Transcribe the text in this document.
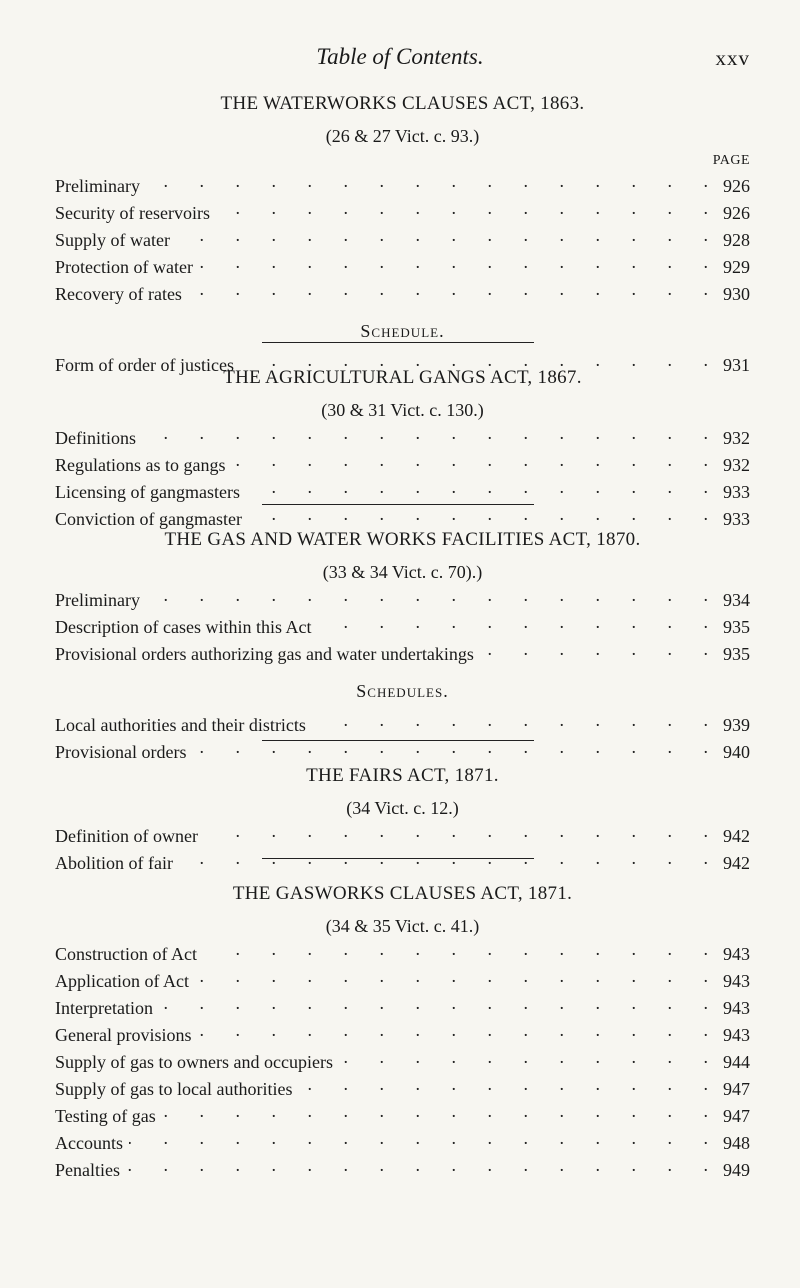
Table of Contents.	xxv
THE WATERWORKS CLAUSES ACT, 1863.
(26 & 27 Vict. c. 93.)
PAGE
Preliminary .	926
Security of reservoirs .	926
Supply of water .	928
Protection of water .	929
Recovery of rates .	930
Schedule.
Form of order of justices .	931
THE AGRICULTURAL GANGS ACT, 1867.
(30 & 31 Vict. c. 130.)
Definitions .	932
Regulations as to gangs .	932
Licensing of gangmasters .	933
Conviction of gangmaster .	933
THE GAS AND WATER WORKS FACILITIES ACT, 1870.
(33 & 34 Vict. c. 70).)
Preliminary .	934
Description of cases within this Act .	935
Provisional orders authorizing gas and water undertakings .	935
Schedules.
Local authorities and their districts .	939
Provisional orders .	940
THE FAIRS ACT, 1871.
(34 Vict. c. 12.)
Definition of owner .	942
Abolition of fair .	942
THE GASWORKS CLAUSES ACT, 1871.
(34 & 35 Vict. c. 41.)
Construction of Act .	943
Application of Act .	943
Interpretation .	943
General provisions .	943
Supply of gas to owners and occupiers .	944
Supply of gas to local authorities .	947
Testing of gas .	947
Accounts .	948
Penalties .	949
